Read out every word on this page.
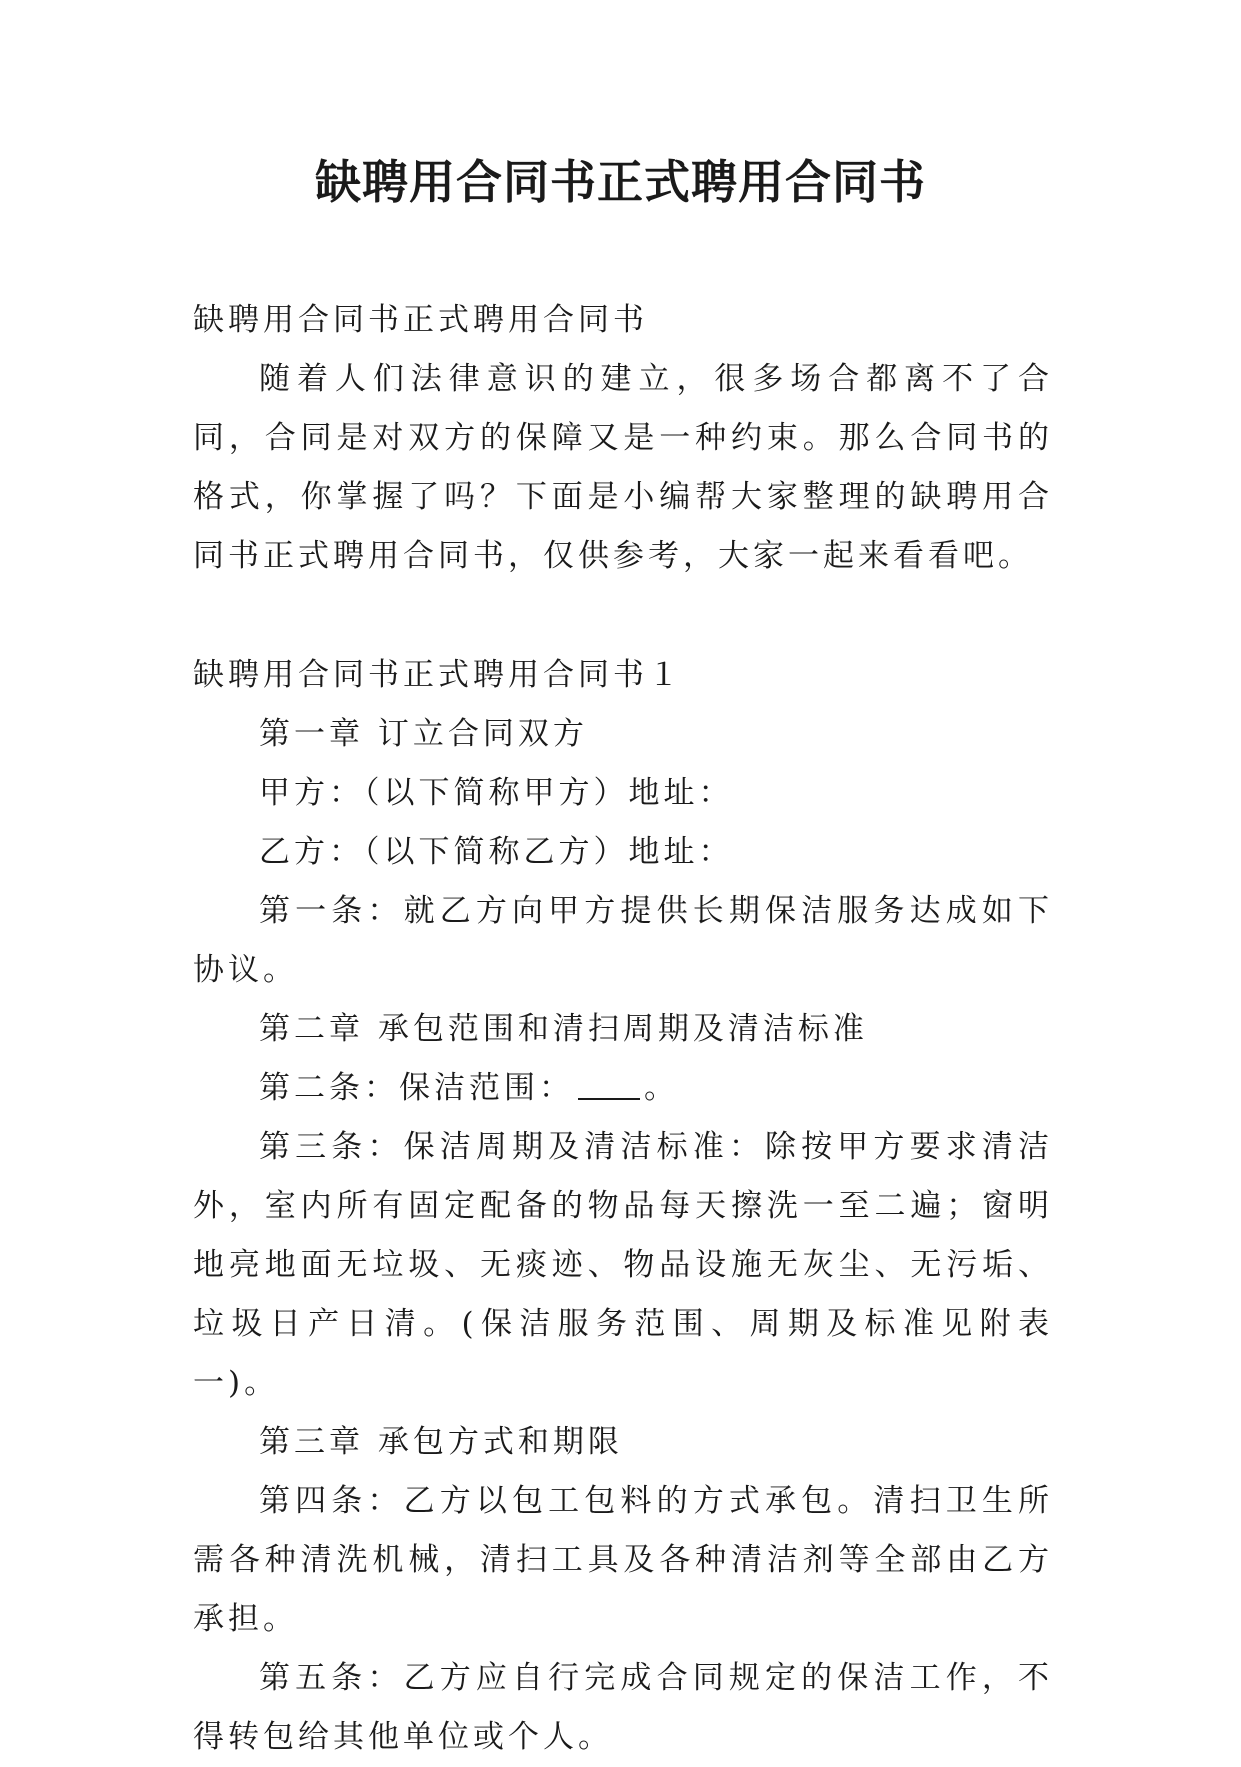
缺聘用合同书正式聘用合同书

缺聘用合同书正式聘用合同书

随着人们法律意识的建立，很多场合都离不了合同，合同是对双方的保障又是一种约束。那么合同书的格式，你掌握了吗？下面是小编帮大家整理的缺聘用合同书正式聘用合同书，仅供参考，大家一起来看看吧。

缺聘用合同书正式聘用合同书１

第一章 订立合同双方

甲方：（以下简称甲方）地址：

乙方：（以下简称乙方）地址：

第一条：就乙方向甲方提供长期保洁服务达成如下协议。

第二章 承包范围和清扫周期及清洁标准

第二条：保洁范围： 。

第三条：保洁周期及清洁标准：除按甲方要求清洁外，室内所有固定配备的物品每天擦洗一至二遍；窗明地亮地面无垃圾、无痰迹、物品设施无灰尘、无污垢、垃圾日产日清。(保洁服务范围、周期及标准见附表一)。

第三章 承包方式和期限

第四条：乙方以包工包料的方式承包。清扫卫生所需各种清洗机械，清扫工具及各种清洁剂等全部由乙方承担。

第五条：乙方应自行完成合同规定的保洁工作，不得转包给其他单位或个人。
